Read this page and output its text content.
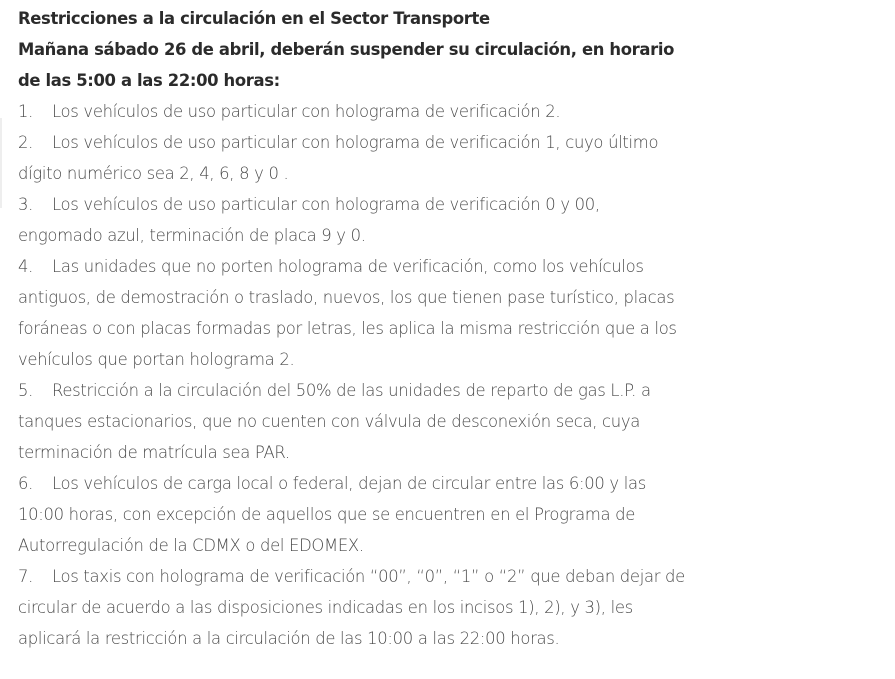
Restricciones a la circulación en el Sector Transporte

Mañana sábado 26 de abril, deberán suspender su circulación, en horario de las 5:00 a las 22:00 horas:

1. Los vehículos de uso particular con holograma de verificación 2.

2. Los vehículos de uso particular con holograma de verificación 1, cuyo último dígito numérico sea 2, 4, 6, 8 y 0 .

3. Los vehículos de uso particular con holograma de verificación 0 y 00, engomado azul, terminación de placa 9 y 0.

4. Las unidades que no porten holograma de verificación, como los vehículos antiguos, de demostración o traslado, nuevos, los que tienen pase turístico, placas foráneas o con placas formadas por letras, les aplica la misma restricción que a los vehículos que portan holograma 2.

5. Restricción a la circulación del 50% de las unidades de reparto de gas L.P. a tanques estacionarios, que no cuenten con válvula de desconexión seca, cuya terminación de matrícula sea PAR.

6. Los vehículos de carga local o federal, dejan de circular entre las 6:00 y las 10:00 horas, con excepción de aquellos que se encuentren en el Programa de Autorregulación de la CDMX o del EDOMEX.

7. Los taxis con holograma de verificación “00”, “0”, “1” o “2” que deban dejar de circular de acuerdo a las disposiciones indicadas en los incisos 1), 2), y 3), les aplicará la restricción a la circulación de las 10:00 a las 22:00 horas.
